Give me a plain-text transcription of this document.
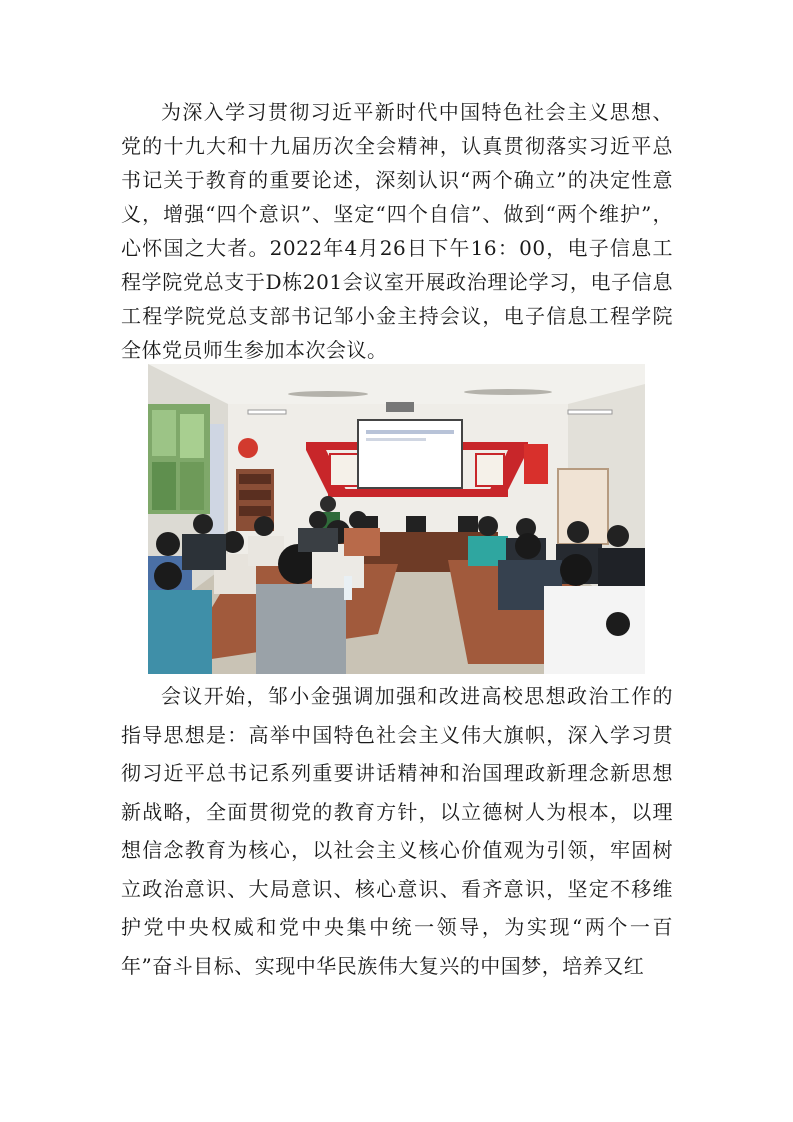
为深入学习贯彻习近平新时代中国特色社会主义思想、党的十九大和十九届历次全会精神，认真贯彻落实习近平总书记关于教育的重要论述，深刻认识“两个确立”的决定性意义，增强“四个意识”、坚定“四个自信”、做到“两个维护”，心怀国之大者。2022年4月26日下午16：00，电子信息工程学院党总支于D栋201会议室开展政治理论学习，电子信息工程学院党总支部书记邹小金主持会议，电子信息工程学院全体党员师生参加本次会议。

会议开始，邹小金强调加强和改进高校思想政治工作的指导思想是：高举中国特色社会主义伟大旗帜，深入学习贯彻习近平总书记系列重要讲话精神和治国理政新理念新思想新战略，全面贯彻党的教育方针，以立德树人为根本，以理想信念教育为核心，以社会主义核心价值观为引领，牢固树立政治意识、大局意识、核心意识、看齐意识，坚定不移维护党中央权威和党中央集中统一领导，为实现“两个一百年”奋斗目标、实现中华民族伟大复兴的中国梦，培养又红
